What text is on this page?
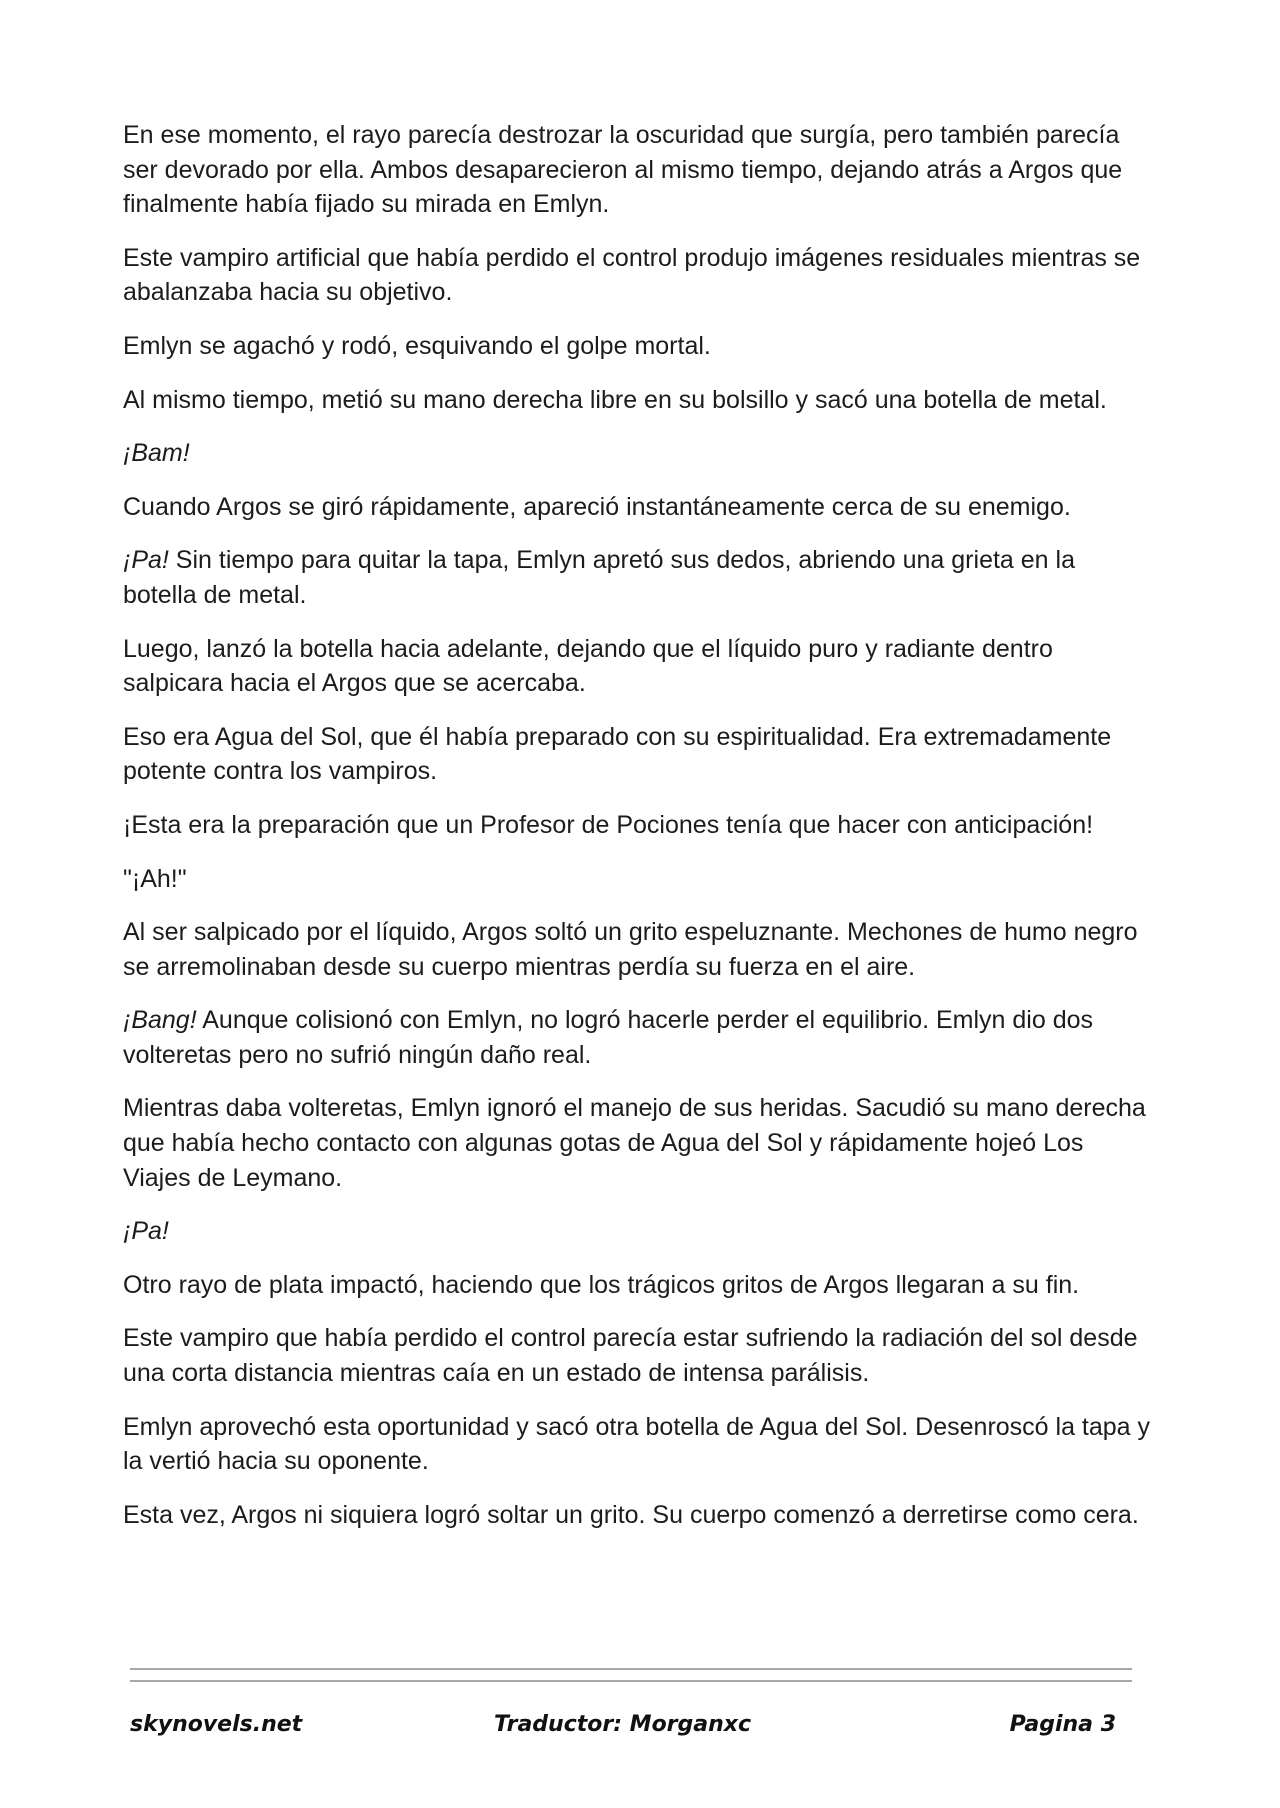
En ese momento, el rayo parecía destrozar la oscuridad que surgía, pero también parecía ser devorado por ella. Ambos desaparecieron al mismo tiempo, dejando atrás a Argos que finalmente había fijado su mirada en Emlyn.

Este vampiro artificial que había perdido el control produjo imágenes residuales mientras se abalanzaba hacia su objetivo.

Emlyn se agachó y rodó, esquivando el golpe mortal.

Al mismo tiempo, metió su mano derecha libre en su bolsillo y sacó una botella de metal.

¡Bam!

Cuando Argos se giró rápidamente, apareció instantáneamente cerca de su enemigo.

¡Pa! Sin tiempo para quitar la tapa, Emlyn apretó sus dedos, abriendo una grieta en la botella de metal.

Luego, lanzó la botella hacia adelante, dejando que el líquido puro y radiante dentro salpicara hacia el Argos que se acercaba.

Eso era Agua del Sol, que él había preparado con su espiritualidad. Era extremadamente potente contra los vampiros.

¡Esta era la preparación que un Profesor de Pociones tenía que hacer con anticipación!

"¡Ah!"

Al ser salpicado por el líquido, Argos soltó un grito espeluznante. Mechones de humo negro se arremolinaban desde su cuerpo mientras perdía su fuerza en el aire.

¡Bang! Aunque colisionó con Emlyn, no logró hacerle perder el equilibrio. Emlyn dio dos volteretas pero no sufrió ningún daño real.

Mientras daba volteretas, Emlyn ignoró el manejo de sus heridas. Sacudió su mano derecha que había hecho contacto con algunas gotas de Agua del Sol y rápidamente hojeó Los Viajes de Leymano.

¡Pa!

Otro rayo de plata impactó, haciendo que los trágicos gritos de Argos llegaran a su fin.

Este vampiro que había perdido el control parecía estar sufriendo la radiación del sol desde una corta distancia mientras caía en un estado de intensa parálisis.

Emlyn aprovechó esta oportunidad y sacó otra botella de Agua del Sol. Desenroscó la tapa y la vertió hacia su oponente.

Esta vez, Argos ni siquiera logró soltar un grito. Su cuerpo comenzó a derretirse como cera.

skynovels.net	Traductor: Morganxc	Pagina 3
